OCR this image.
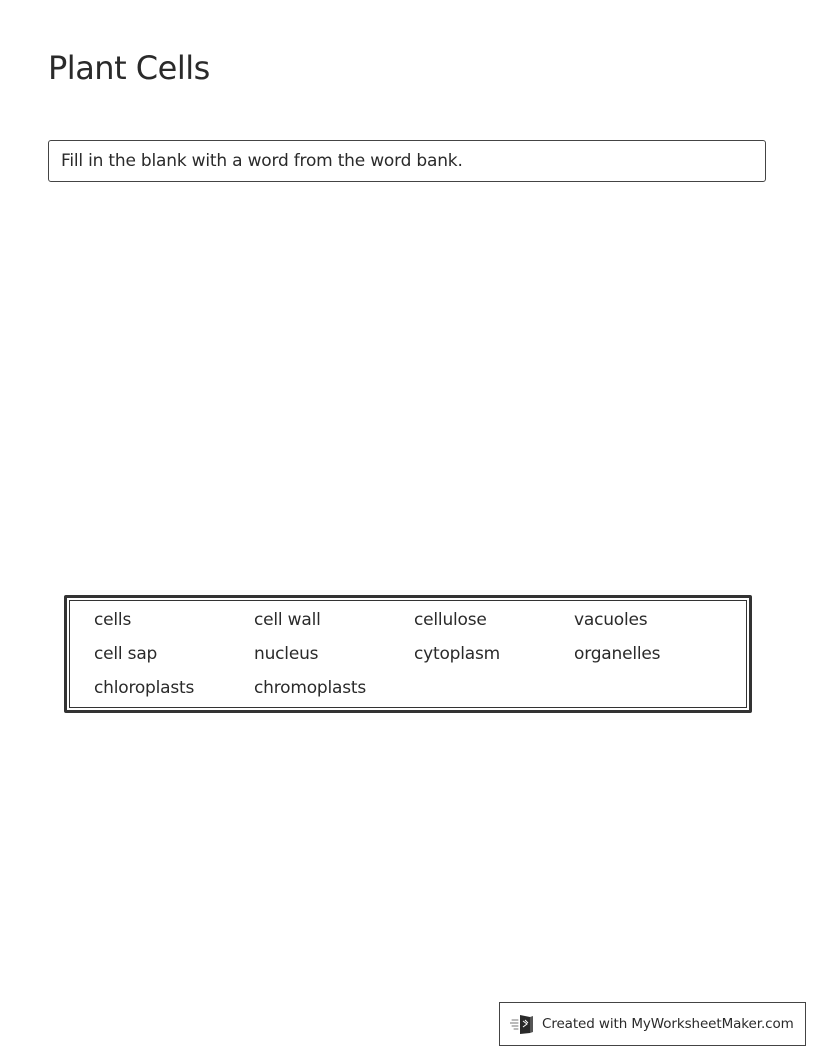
Plant Cells
Fill in the blank with a word from the word bank.
cells	cell wall	cellulose	vacuoles
cell sap	nucleus	cytoplasm	organelles
chloroplasts	chromoplasts
Created with MyWorksheetMaker.com
